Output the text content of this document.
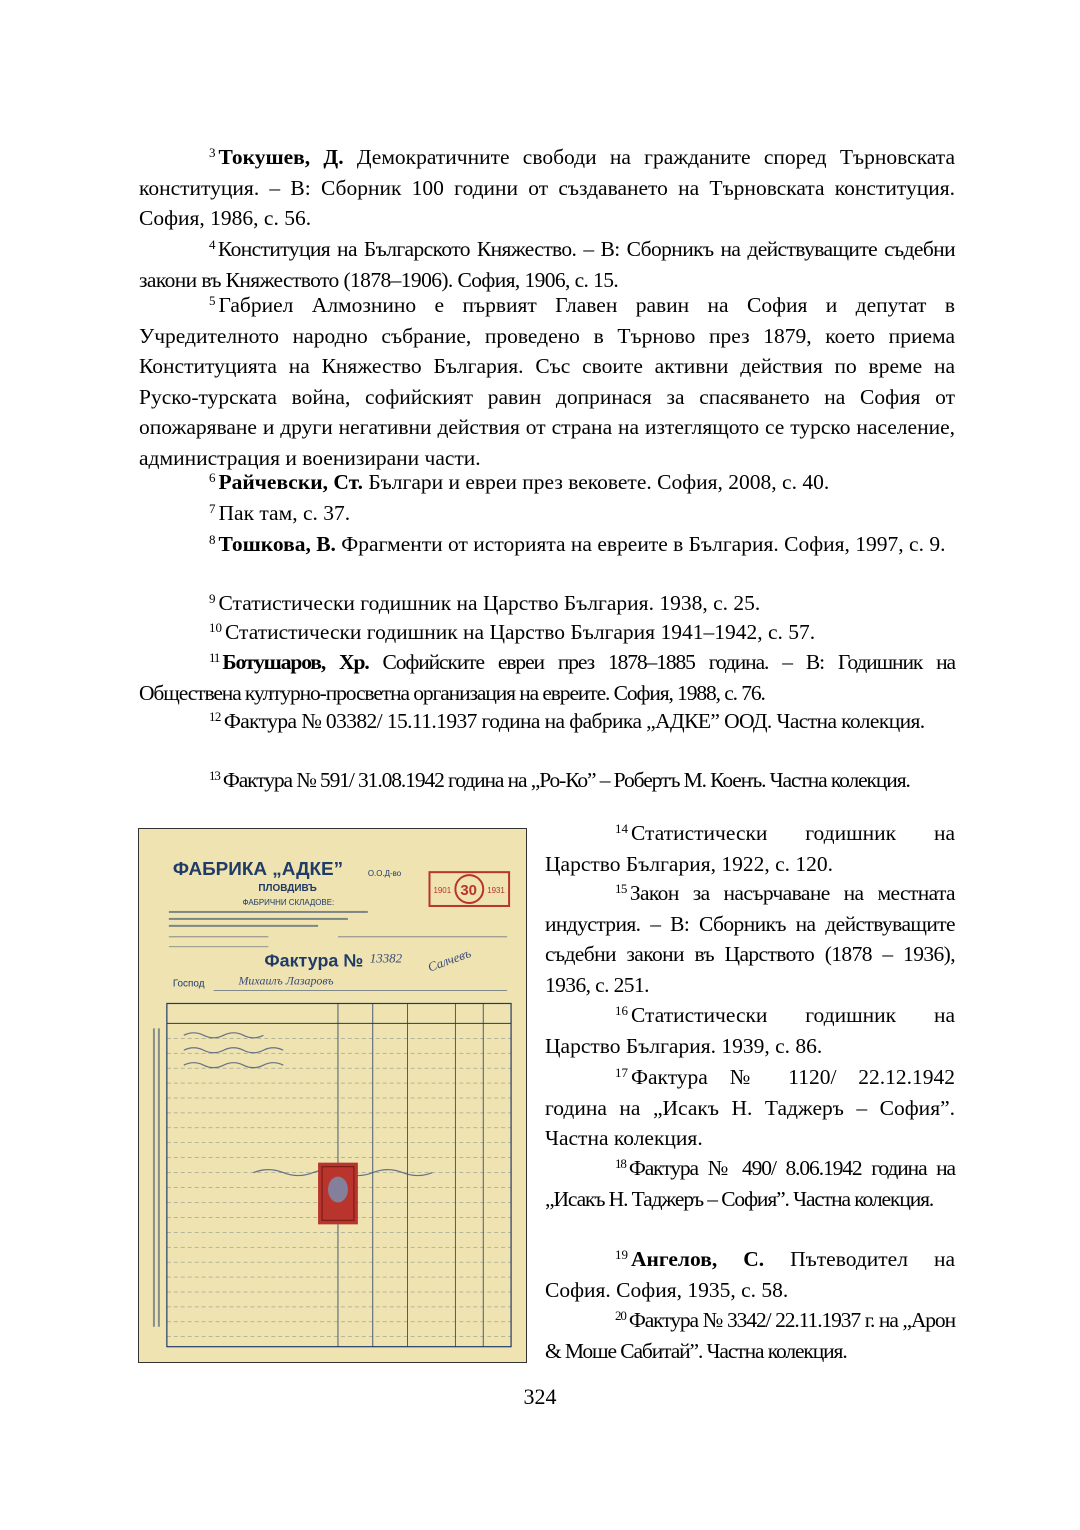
$^3$ Токушев, Д. Демократичните свободи на гражданите според Търновската конституция. – В: Сборник 100 години от създаването на Търновската конституция. София, 1986, с. 56.

$^4$ Конституция на Българското Княжество. – В: Сборникъ на действуващите съдебни закони въ Княжеството (1878–1906). София, 1906, с. 15.

$^5$ Габриел Алмознино е първият Главен равин на София и депутат в Учредителното народно събрание, проведено в Търново през 1879, което приема Конституцията на Княжество България. Със своите активни действия по време на Руско-турската война, софийският равин допринася за спасяването на София от опожаряване и други негативни действия от страна на изтеглящото се турско население, администрация и военизирани части.

$^6$ Райчевски, Ст. Българи и евреи през вековете. София, 2008, с. 40.

$^7$ Пак там, с. 37.

$^8$ Тошкова, В. Фрагменти от историята на евреите в България. София, 1997, с. 9.

$^9$ Статистически годишник на Царство България. 1938, с. 25.

$^{10}$ Статистически годишник на Царство България 1941–1942, с. 57.

$^{11}$ Ботушаров, Хр. Софийските евреи през 1878–1885 година. – В: Годишник на Обществена културно-просветна организация на евреите. София, 1988, с. 76.

$^{12}$ Фактура № 03382/ 15.11.1937 година на фабрика „АДКЕ” ООД. Частна колекция.

$^{13}$ Фактура № 591/ 31.08.1942 година на „Ро-Ко” – Робертъ М. Коенъ. Частна колекция.

ФАБРИКА „АДКЕ”	О.О.Д-во
ПЛОВДИВЪ
ФАБРИЧНИ СКЛАДОВЕ:
1901 30 1931
Фактура № 13382 Салчевъ
Господ	Михаилъ Лазаровъ

$^{14}$ Статистически годишник на Царство България, 1922, с. 120.

$^{15}$ Закон за насърчаване на местната индустрия. – В: Сборникъ на действуващите съдебни закони въ Царството (1878 – 1936), 1936, с. 251.

$^{16}$ Статистически годишник на Царство България. 1939, с. 86.

$^{17}$ Фактура № 1120/ 22.12.1942 година на „Исакъ Н. Таджеръ – София”. Частна колекция.

$^{18}$ Фактура № 490/ 8.06.1942 година на „Исакъ Н. Таджеръ – София”. Частна колекция.

$^{19}$ Ангелов, С. Пътеводител на София. София, 1935, с. 58.

$^{20}$ Фактура № 3342/ 22.11.1937 г. на „Арон & Моше Сабитай”. Частна колекция.

324
